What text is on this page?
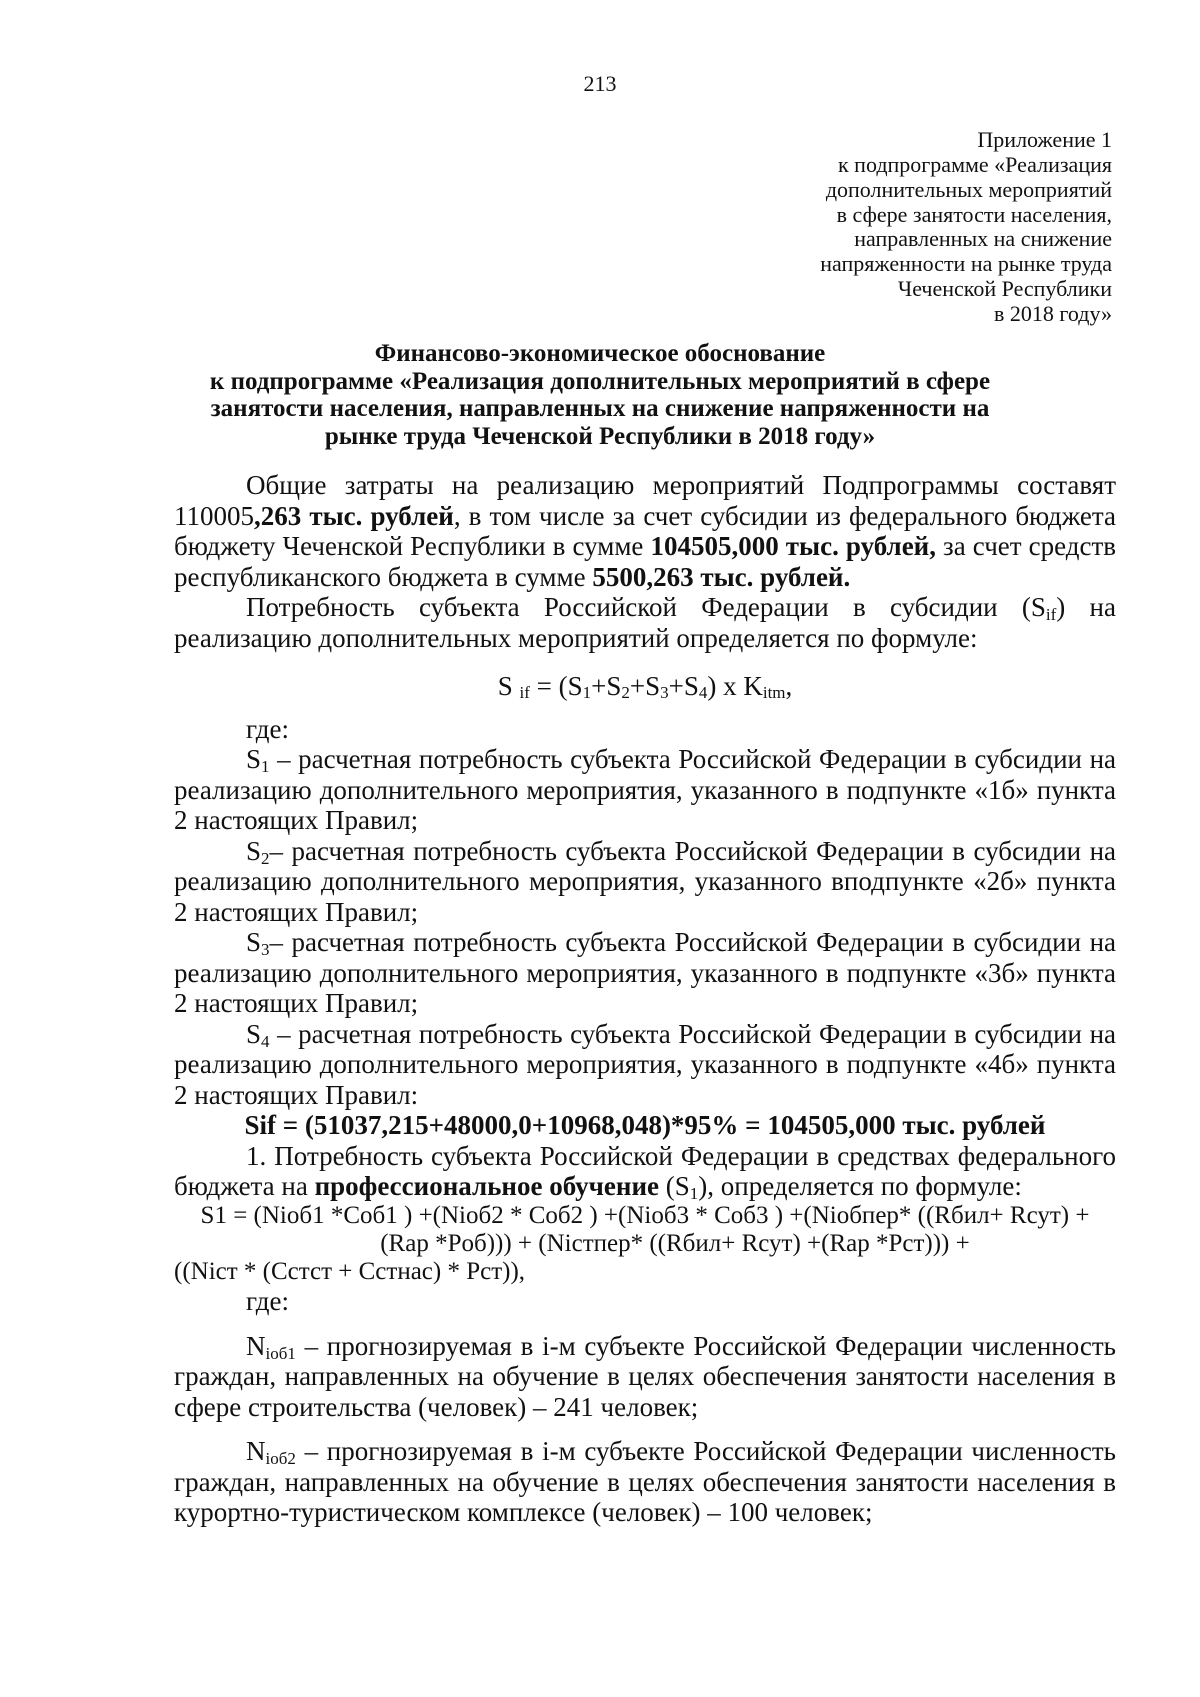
213
Приложение 1
к подпрограмме «Реализация
дополнительных мероприятий
в сфере занятости населения,
направленных на снижение
напряженности на рынке труда
Чеченской Республики
в 2018 году»
Финансово-экономическое обоснование
к подпрограмме «Реализация дополнительных мероприятий в сфере
занятости населения, направленных на снижение напряженности на
рынке труда Чеченской Республики в 2018 году»

Общие затраты на реализацию мероприятий Подпрограммы составят 110005,263 тыс. рублей, в том числе за счет субсидии из федерального бюджета бюджету Чеченской Республики в сумме 104505,000 тыс. рублей, за счет средств республиканского бюджета в сумме 5500,263 тыс. рублей.

Потребность субъекта Российской Федерации в субсидии $(S_{if})$ на реализацию дополнительных мероприятий определяется по формуле:

S if = (S1+S2+S3+S4) х Kitm,
где:

$S_1$ – расчетная потребность субъекта Российской Федерации в субсидии на реализацию дополнительного мероприятия, указанного в подпункте «1б» пункта 2 настоящих Правил;

$S_2-$ расчетная потребность субъекта Российской Федерации в субсидии на реализацию дополнительного мероприятия, указанного вподпункте «2б» пункта 2 настоящих Правил;

$S_3-$ расчетная потребность субъекта Российской Федерации в субсидии на реализацию дополнительного мероприятия, указанного в подпункте «3б» пункта 2 настоящих Правил;

$S_4$ – расчетная потребность субъекта Российской Федерации в субсидии на реализацию дополнительного мероприятия, указанного в подпункте «4б» пункта 2 настоящих Правил:

Sif = (51037,215+48000,0+10968,048)*95% = 104505,000 тыс. рублей

1. Потребность субъекта Российской Федерации в средствах федерального бюджета на профессиональное обучение $(S_1)$, определяется по формуле:

S1 = (Nioб1 *Cоб1 ) +(Nioб2 * Cоб2 ) +(Nioб3 * Cоб3 ) +(Nioбпер* ((Rбил+ Rсут) +
(Rар *Pоб))) + (Niстпер* ((Rбил+ Rсут) +(Rар *Pст))) +
((Niст * (Cстст + Cстнас) * Pст)),
где:

$N_{ioб1}$ – прогнозируемая в i-м субъекте Российской Федерации численность граждан, направленных на обучение в целях обеспечения занятости населения в сфере строительства (человек) – 241 человек;

$N_{ioб2}$ – прогнозируемая в i-м субъекте Российской Федерации численность граждан, направленных на обучение в целях обеспечения занятости населения в курортно-туристическом комплексе (человек) – 100 человек;
